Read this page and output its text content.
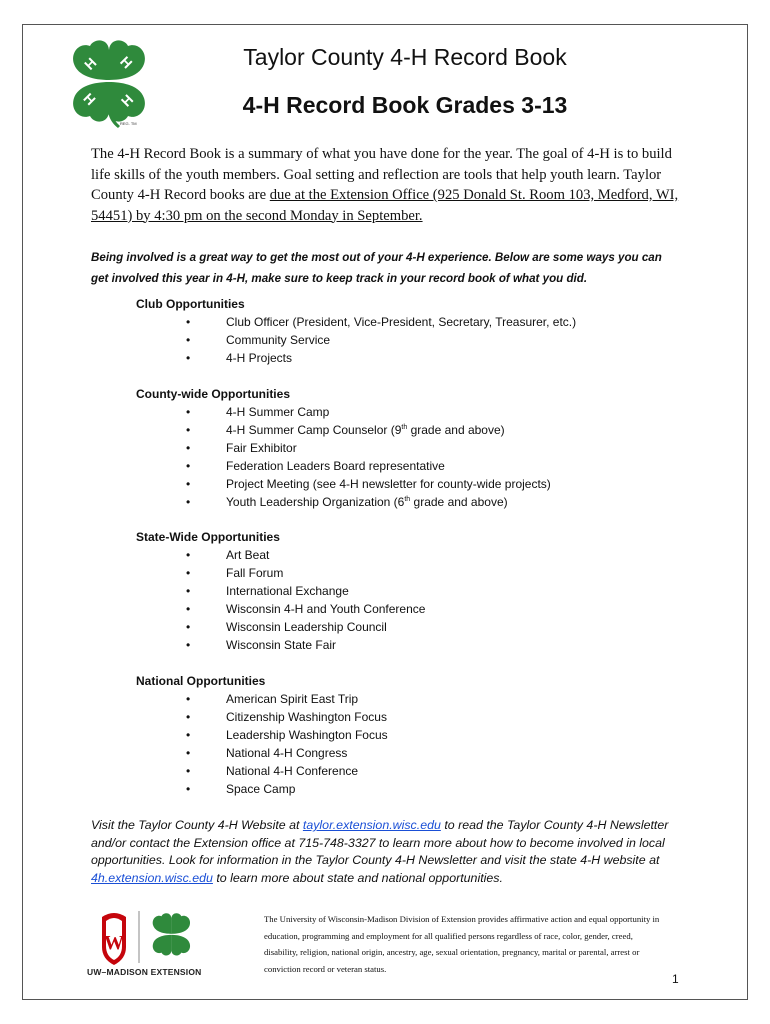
H H
H H
REG. TM
Taylor County 4-H Record Book
4-H Record Book Grades 3-13
The 4-H Record Book is a summary of what you have done for the year. The goal of 4-H is to build life skills of the youth members. Goal setting and reflection are tools that help youth learn. Taylor County 4-H Record books are due at the Extension Office (925 Donald St. Room 103, Medford, WI, 54451) by 4:30 pm on the second Monday in September.
Being involved is a great way to get the most out of your 4-H experience. Below are some ways you can get involved this year in 4-H, make sure to keep track in your record book of what you did.
Club Opportunities
•	Club Officer (President, Vice-President, Secretary, Treasurer, etc.)
•	Community Service
•	4-H Projects
County-wide Opportunities
•	4-H Summer Camp
•	4-H Summer Camp Counselor (9th grade and above)
•	Fair Exhibitor
•	Federation Leaders Board representative
•	Project Meeting (see 4-H newsletter for county-wide projects)
•	Youth Leadership Organization (6th grade and above)
State-Wide Opportunities
•	Art Beat
•	Fall Forum
•	International Exchange
•	Wisconsin 4-H and Youth Conference
•	Wisconsin Leadership Council
•	Wisconsin State Fair
National Opportunities
•	American Spirit East Trip
•	Citizenship Washington Focus
•	Leadership Washington Focus
•	National 4-H Congress
•	National 4-H Conference
•	Space Camp
Visit the Taylor County 4-H Website at taylor.extension.wisc.edu to read the Taylor County 4-H Newsletter and/or contact the Extension office at 715-748-3327 to learn more about how to become involved in local opportunities. Look for information in the Taylor County 4-H Newsletter and visit the state 4-H website at 4h.extension.wisc.edu to learn more about state and national opportunities.
W
UW–MADISON EXTENSION
The University of Wisconsin-Madison Division of Extension provides affirmative action and equal opportunity in education, programming and employment for all qualified persons regardless of race, color, gender, creed, disability, religion, national origin, ancestry, age, sexual orientation, pregnancy, marital or parental, arrest or conviction record or veteran status.
1
